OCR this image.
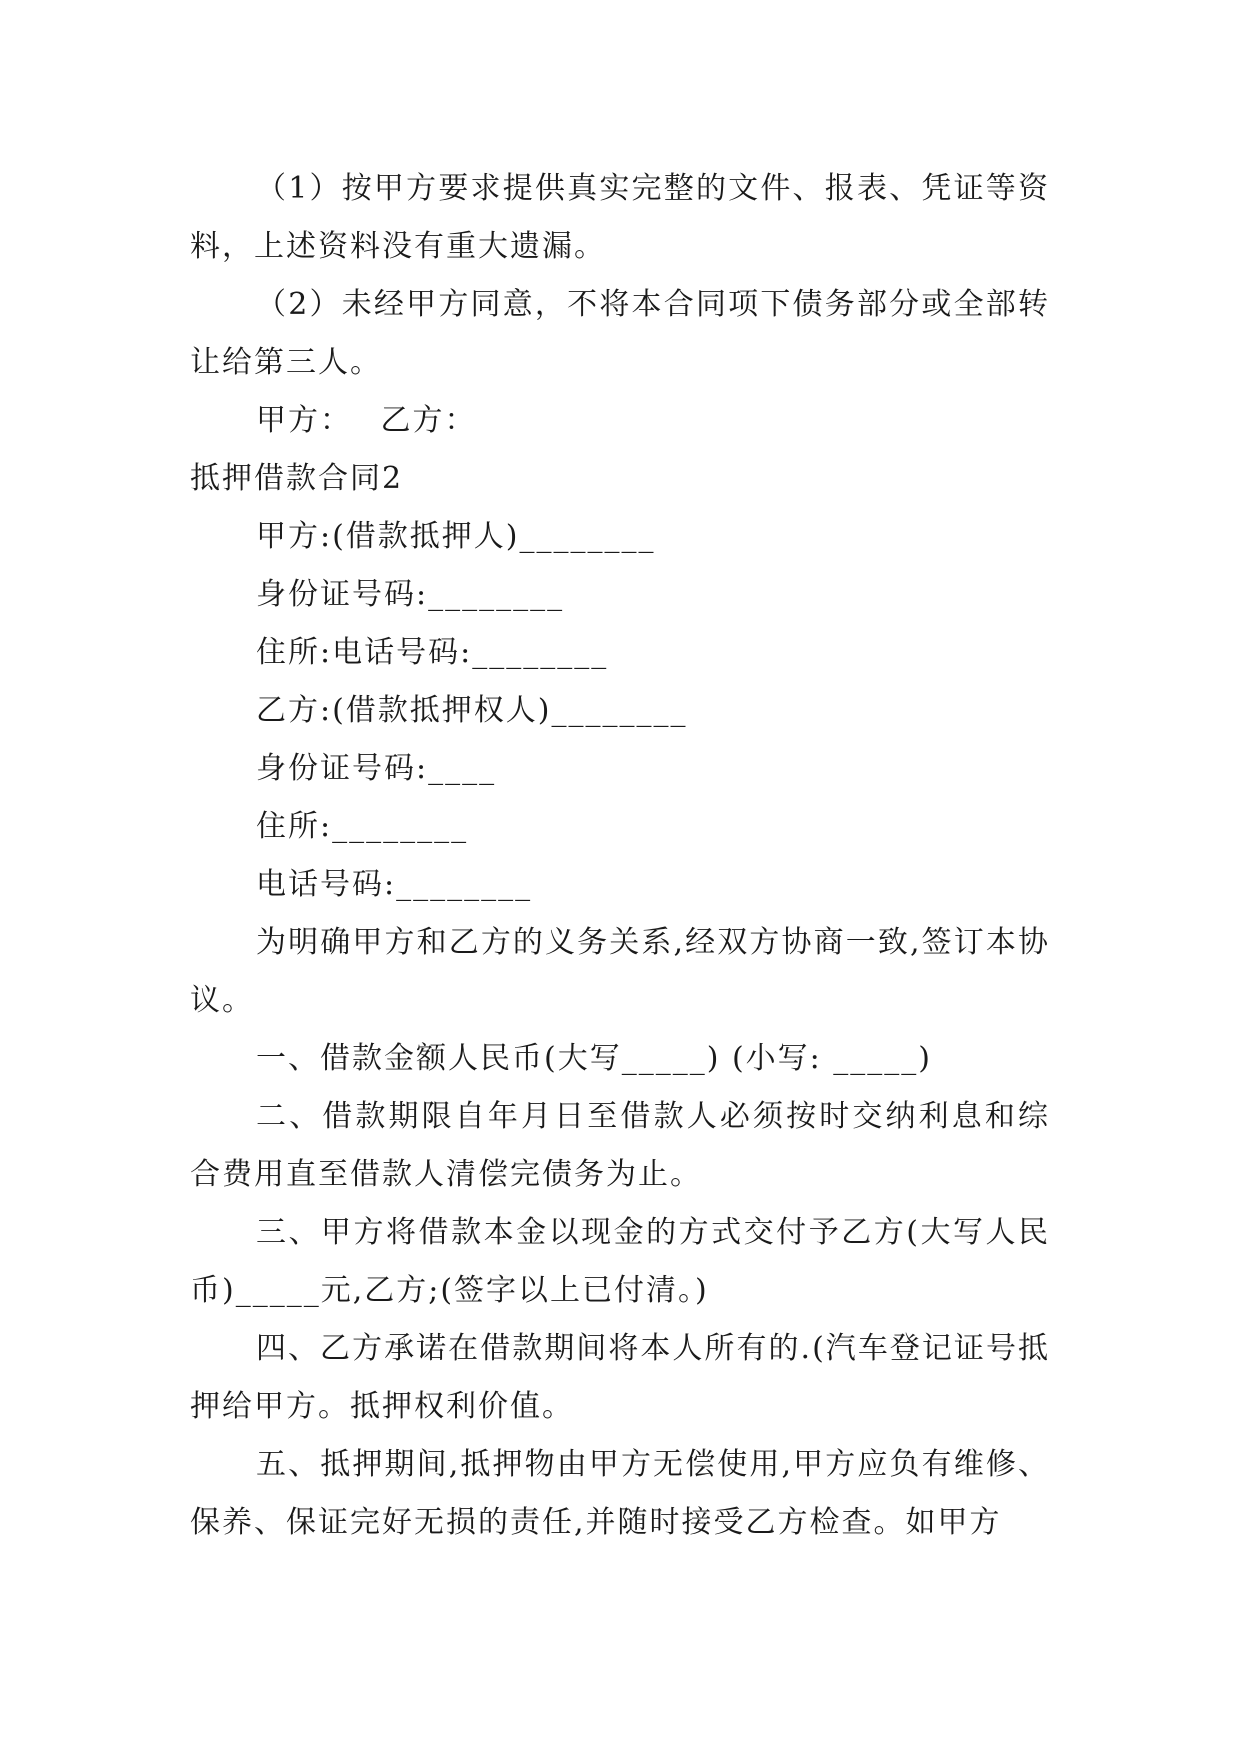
（1）按甲方要求提供真实完整的文件、报表、凭证等资料，上述资料没有重大遗漏。

（2）未经甲方同意，不将本合同项下债务部分或全部转让给第三人。

甲方：　 乙方：

抵押借款合同2

甲方:(借款抵押人)________

身份证号码:________

住所:电话号码:________

乙方:(借款抵押权人)________

身份证号码:____

住所:________

电话号码:________

为明确甲方和乙方的义务关系,经双方协商一致,签订本协议。

一、借款金额人民币(大写_____) (小写: _____)

二、借款期限自年月日至借款人必须按时交纳利息和综合费用直至借款人清偿完债务为止。

三、甲方将借款本金以现金的方式交付予乙方(大写人民币)_____元,乙方;(签字以上已付清。)

四、乙方承诺在借款期间将本人所有的.(汽车登记证号抵押给甲方。抵押权利价值。

五、抵押期间,抵押物由甲方无偿使用,甲方应负有维修、保养、保证完好无损的责任,并随时接受乙方检查。如甲方
